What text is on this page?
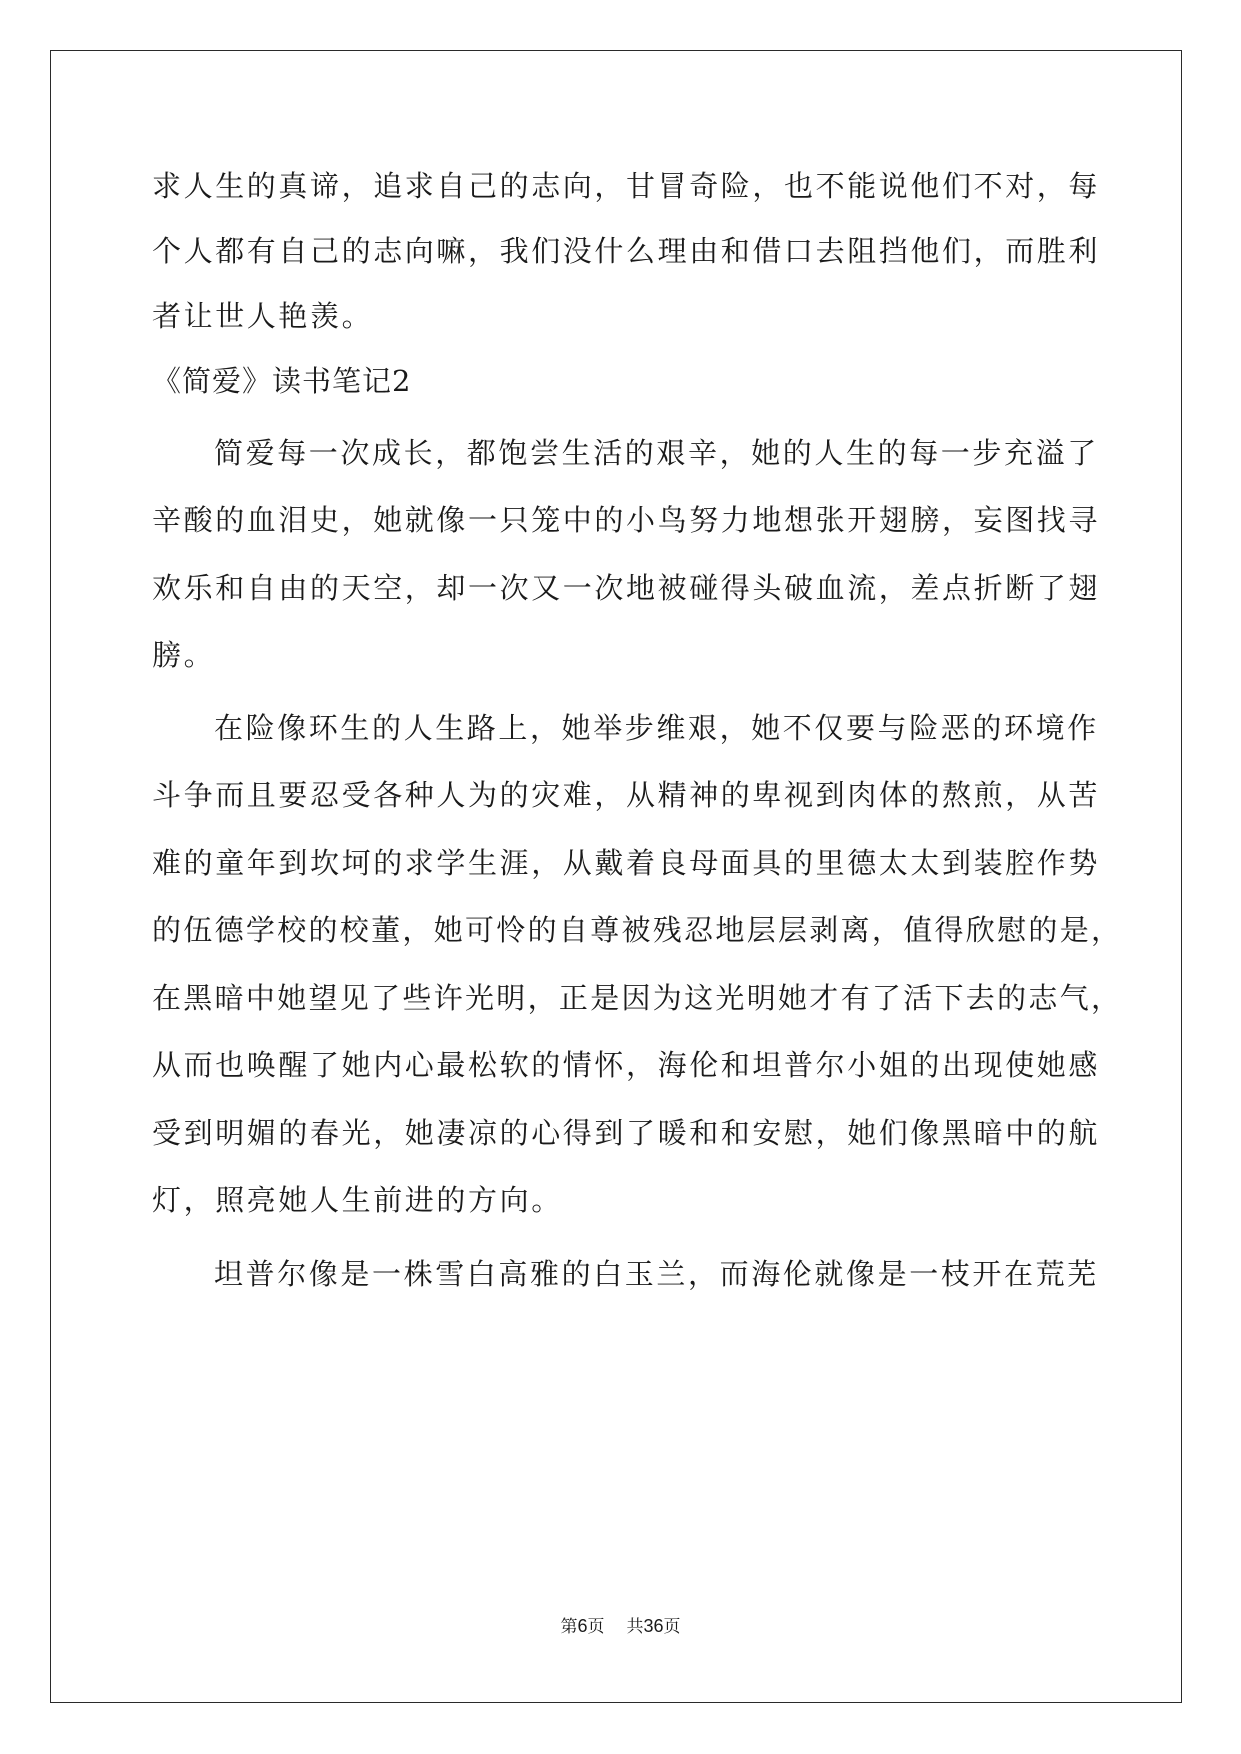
求人生的真谛，追求自己的志向，甘冒奇险，也不能说他们不对，每

个人都有自己的志向嘛，我们没什么理由和借口去阻挡他们，而胜利

者让世人艳羡。

《简爱》读书笔记2

简爱每一次成长，都饱尝生活的艰辛，她的人生的每一步充溢了

辛酸的血泪史，她就像一只笼中的小鸟努力地想张开翅膀，妄图找寻

欢乐和自由的天空，却一次又一次地被碰得头破血流，差点折断了翅

膀。

在险像环生的人生路上，她举步维艰，她不仅要与险恶的环境作

斗争而且要忍受各种人为的灾难，从精神的卑视到肉体的熬煎，从苦

难的童年到坎坷的求学生涯，从戴着良母面具的里德太太到装腔作势

的伍德学校的校董，她可怜的自尊被残忍地层层剥离，值得欣慰的是，

在黑暗中她望见了些许光明，正是因为这光明她才有了活下去的志气，

从而也唤醒了她内心最松软的情怀，海伦和坦普尔小姐的出现使她感

受到明媚的春光，她凄凉的心得到了暖和和安慰，她们像黑暗中的航

灯，照亮她人生前进的方向。

坦普尔像是一株雪白高雅的白玉兰，而海伦就像是一枝开在荒芜

第6页 共36页
